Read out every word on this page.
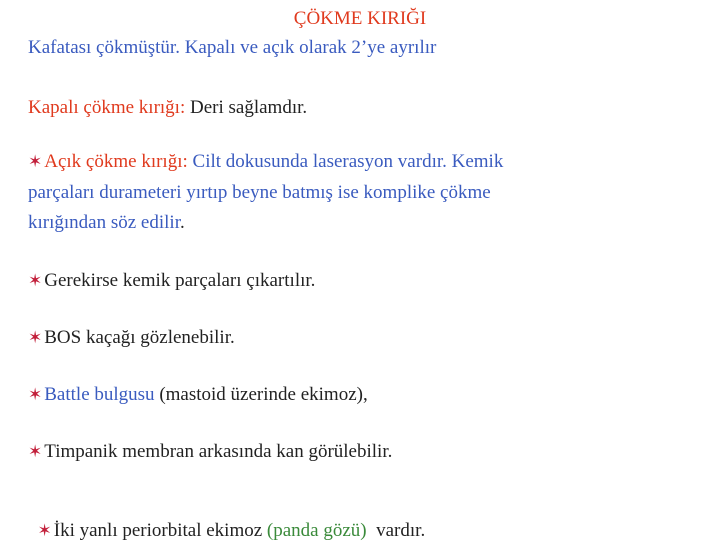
ÇÖKME KIRIĞI
Kafatası çökmüştür. Kapalı ve açık olarak 2’ye ayrılır
Kapalı çökme kırığı: Deri sağlamdır.
✶ Açık çökme kırığı: Cilt dokusunda laserasyon vardır. Kemik
parçaları durameteri yırtıp beyne batmış ise komplike çökme
kırığından söz edilir.
✶ Gerekirse kemik parçaları çıkartılır.
✶ BOS kaçağı gözlenebilir.
✶ Battle bulgusu (mastoid üzerinde ekimoz),
✶ Timpanik membran arkasında kan görülebilir.

✶ İki yanlı periorbital ekimoz (panda gözü)  vardır.
